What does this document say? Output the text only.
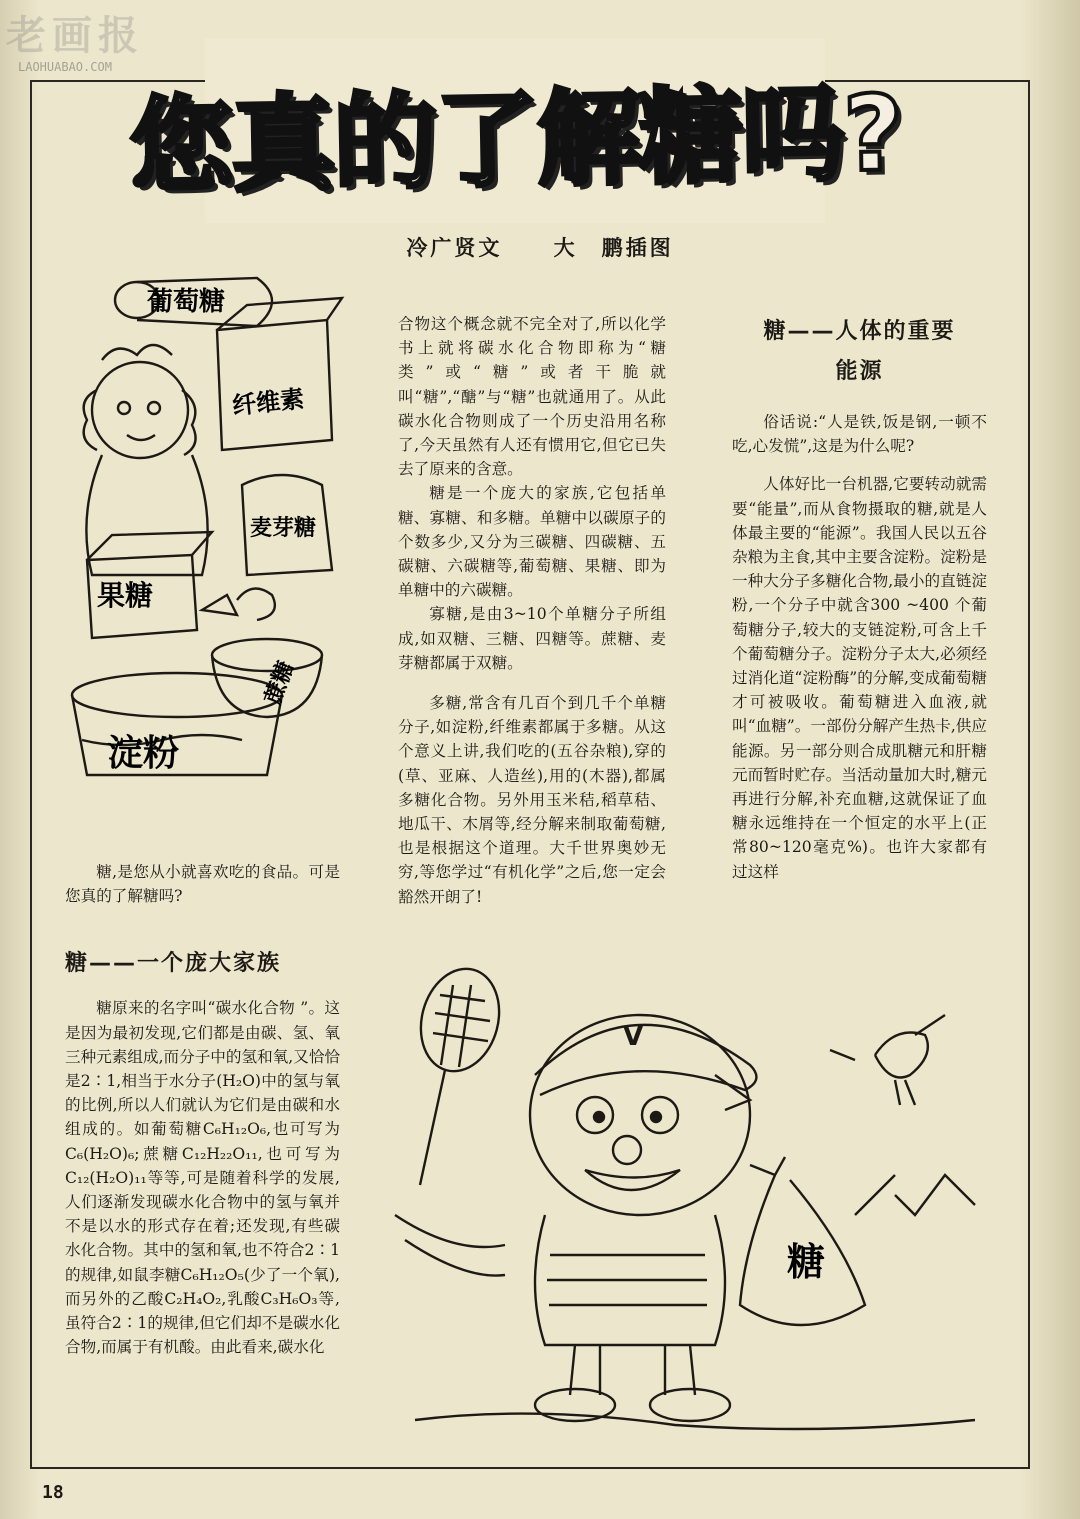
老画报
LAOHUABAO.COM
您真的了解糖吗?
冷广贤文 大　鹏插图
葡萄糖
纤维素
麦芽糖
果糖
蔗糖
淀粉
V
糖

糖,是您从小就喜欢吃的食品。可是您真的了解糖吗?

糖——一个庞大家族

糖原来的名字叫“碳水化合物 ”。这是因为最初发现,它们都是由碳、氢、氧三种元素组成,而分子中的氢和氧,又恰恰是2∶1,相当于水分子(H₂O)中的氢与氧的比例,所以人们就认为它们是由碳和水组成的。如葡萄糖C₆H₁₂O₆,也可写为C₆(H₂O)₆;蔗糖C₁₂H₂₂O₁₁,也可写为C₁₂(H₂O)₁₁等等,可是随着科学的发展,人们逐渐发现碳水化合物中的氢与氧并不是以水的形式存在着;还发现,有些碳水化合物。其中的氢和氧,也不符合2∶1的规律,如鼠李糖C₆H₁₂O₅(少了一个氧),而另外的乙酸C₂H₄O₂,乳酸C₃H₆O₃等,虽符合2∶1的规律,但它们却不是碳水化合物,而属于有机酸。由此看来,碳水化

合物这个概念就不完全对了,所以化学书上就将碳水化合物即称为“糖类”或“糖”或者干脆就叫“糖”,“醣”与“糖”也就通用了。从此碳水化合物则成了一个历史沿用名称了,今天虽然有人还有惯用它,但它已失去了原来的含意。

糖是一个庞大的家族,它包括单糖、寡糖、和多糖。单糖中以碳原子的个数多少,又分为三碳糖、四碳糖、五碳糖、六碳糖等,葡萄糖、果糖、即为单糖中的六碳糖。

寡糖,是由3~10个单糖分子所组成,如双糖、三糖、四糖等。蔗糖、麦芽糖都属于双糖。

多糖,常含有几百个到几千个单糖分子,如淀粉,纤维素都属于多糖。从这个意义上讲,我们吃的(五谷杂粮),穿的(草、亚麻、人造丝),用的(木器),都属多糖化合物。另外用玉米秸,稻草秸、地瓜干、木屑等,经分解来制取葡萄糖,也是根据这个道理。大千世界奥妙无穷,等您学过“有机化学”之后,您一定会豁然开朗了!

糖——人体的重要
能源

俗话说:“人是铁,饭是钢,一顿不吃,心发慌”,这是为什么呢?

人体好比一台机器,它要转动就需要“能量”,而从食物摄取的糖,就是人体最主要的“能源”。我国人民以五谷杂粮为主食,其中主要含淀粉。淀粉是一种大分子多糖化合物,最小的直链淀粉,一个分子中就含300 ~400 个葡萄糖分子,较大的支链淀粉,可含上千个葡萄糖分子。淀粉分子太大,必须经过消化道“淀粉酶”的分解,变成葡萄糖才可被吸收。葡萄糖进入血液,就叫“血糖”。一部份分解产生热卡,供应能源。另一部分则合成肌糖元和肝糖元而暂时贮存。当活动量加大时,糖元再进行分解,补充血糖,这就保证了血糖永远维持在一个恒定的水平上(正常80~120毫克%)。也许大家都有过这样

18
